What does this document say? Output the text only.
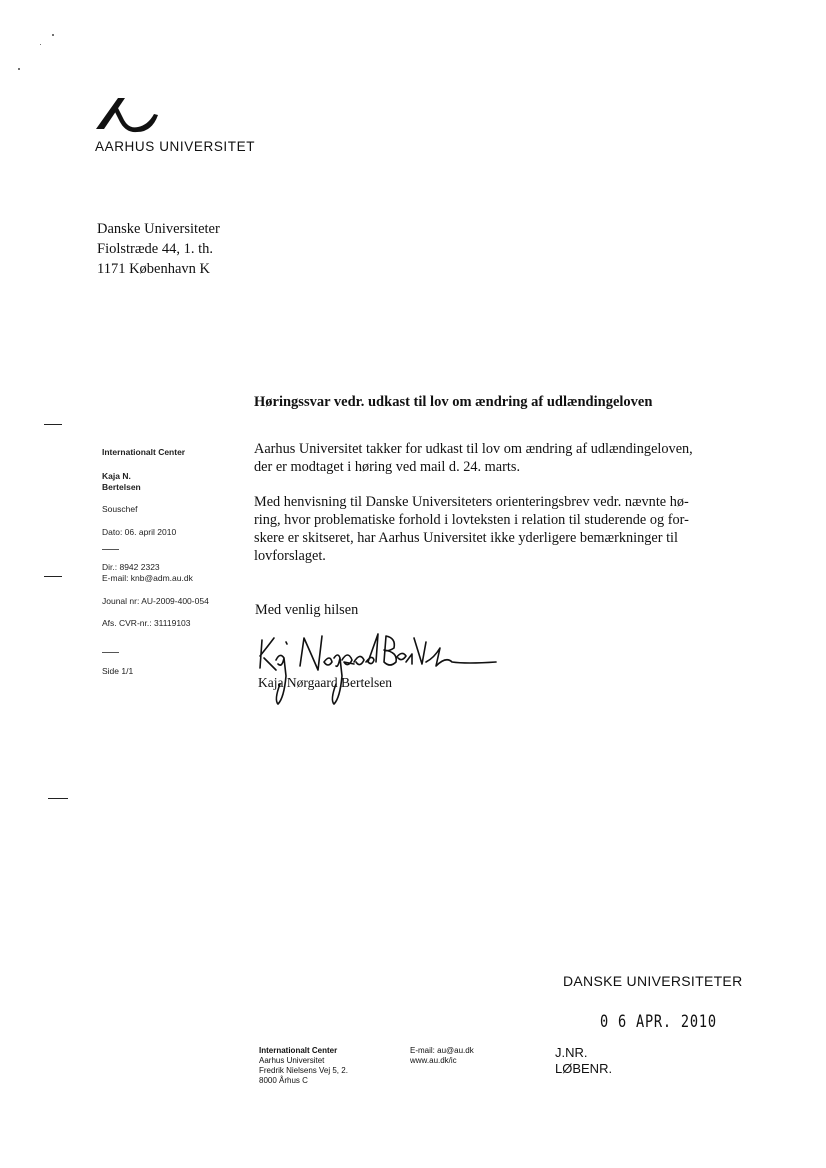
AARHUS UNIVERSITET
Danske Universiteter
Fiolstræde 44, 1. th.
1171 København K
Høringssvar vedr. udkast til lov om ændring af udlændingeloven
Internationalt Center
Kaja N.
Bertelsen
Souschef
Dato: 06. april 2010
Dir.: 8942 2323
E-mail: knb@adm.au.dk
Jounal nr: AU-2009-400-054
Afs. CVR-nr.: 31119103
Side 1/1

Aarhus Universitet takker for udkast til lov om ændring af udlændingeloven,

der er modtaget i høring ved mail d. 24. marts.

Med henvisning til Danske Universiteters orienteringsbrev vedr. nævnte hø-

ring, hvor problematiske forhold i lovteksten i relation til studerende og for-

skere er skitseret, har Aarhus Universitet ikke yderligere bemærkninger til

lovforslaget.

Med venlig hilsen
Kaja Nørgaard Bertelsen
DANSKE UNIVERSITETER
0 6 APR. 2010
J.NR.
LØBENR.
Internationalt Center
Aarhus Universitet
Fredrik Nielsens Vej 5, 2.
8000 Århus C
E-mail: au@au.dk
www.au.dk/ic
